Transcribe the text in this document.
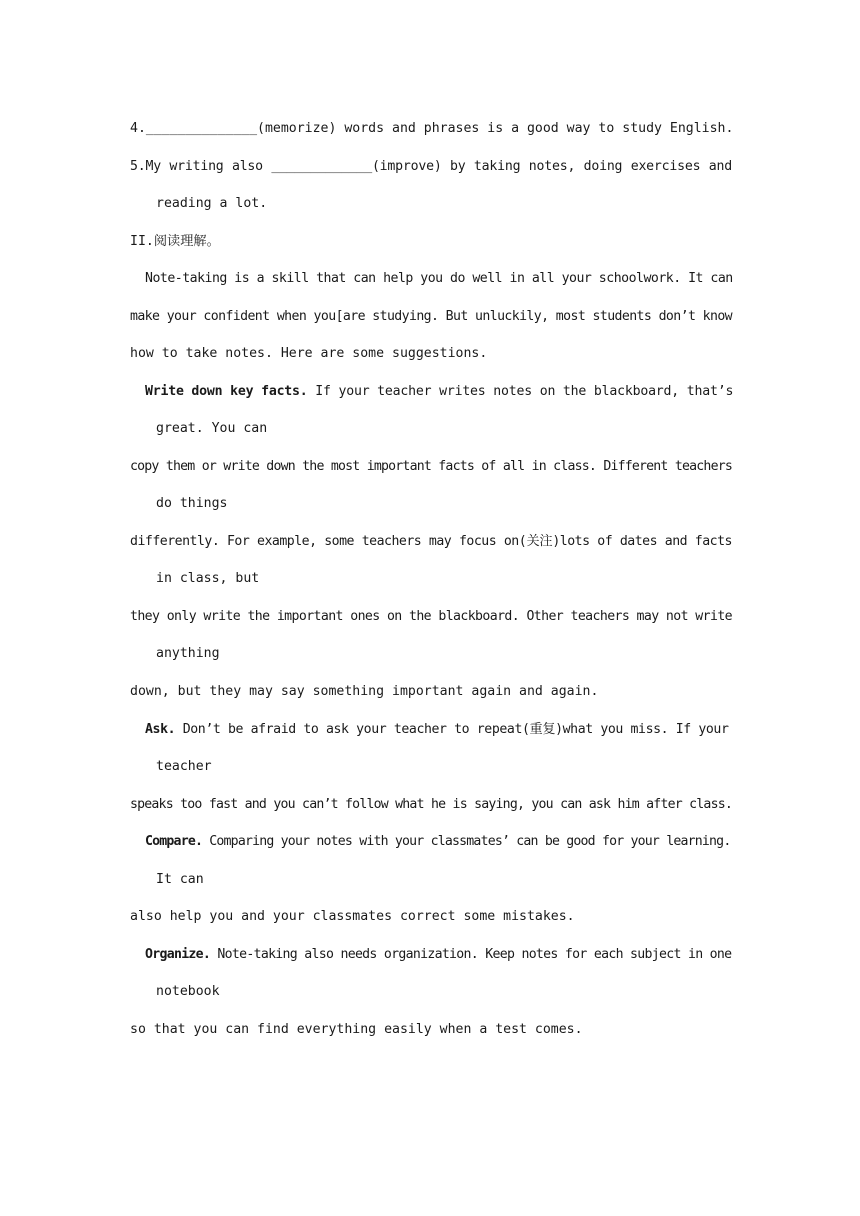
4.______________(memorize) words and phrases is a good way to study English.
5.My writing also _____________(improve) by taking notes, doing exercises and
reading a lot.
II.阅读理解。
Note-taking is a skill that can help you do well in all your schoolwork. It can
make your confident when you[are studying. But unluckily, most students don’t know
how to take notes. Here are some suggestions.
Write down key facts. If your teacher writes notes on the blackboard, that’s
great. You can
copy them or write down the most important facts of all in class. Different teachers
do things
differently. For example, some teachers may focus on(关注)lots of dates and facts
in class, but
they only write the important ones on the blackboard. Other teachers may not write
anything
down, but they may say something important again and again.
Ask. Don’t be afraid to ask your teacher to repeat(重复)what you miss. If your
teacher
speaks too fast and you can’t follow what he is saying, you can ask him after class.
Compare. Comparing your notes with your classmates’ can be good for your learning.
It can
also help you and your classmates correct some mistakes.
Organize. Note-taking also needs organization. Keep notes for each subject in one
notebook
so that you can find everything easily when a test comes.
